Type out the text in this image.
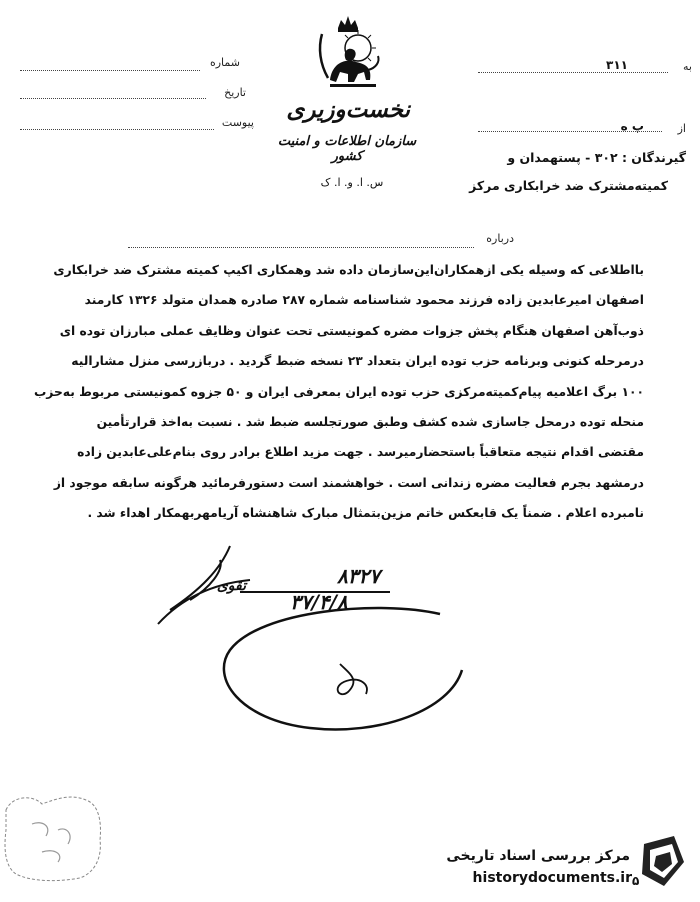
نخست‌وزیری
سازمان اطلاعات و امنیت کشور
س. ا. و. ا. ک
شماره
تاریخ
پیوست
۳۱۱	به
پ ه	از
گیرندگان : ۳۰۲ - پستهمدان و
کمیته‌مشترک ضد خرابکاری مرکز
درباره

بااطلاعی که وسیله یکی ازهمکاران‌این‌سازمان داده شد وهمکاری اکیپ کمیته مشترک ضد خرابکاری

اصفهان امیرعابدین زاده فرزند محمود شناسنامه شماره ۲۸۷ صادره همدان متولد ۱۳۲۶ کارمند

ذوب‌آهن اصفهان هنگام پخش جزوات مضره کمونیستی تحت عنوان وظایف عملی مبارزان توده ای

درمرحله کنونی وبرنامه حزب توده ایران بتعداد ۲۳ نسخه ضبط گردید . دربازرسی منزل مشارالیه

۱۰۰ برگ اعلامیه پیام‌کمیته‌مرکزی حزب توده ایران بمعرفی ایران و ۵۰ جزوه کمونیستی مربوط به‌حزب

منحله توده درمحل جاسازی شده کشف وطبق صورتجلسه ضبط شد . نسبت به‌اخذ قرارتأمین

مقتضی اقدام نتیجه متعاقباً باستحضارمیرسد . جهت مزید اطلاع برادر روی بنام‌علی‌عابدین زاده

درمشهد بجرم فعالیت مضره زندانی است . خواهشمند است دستورفرمائید هرگونه سابقه موجود از

نامبرده اعلام . ضمناً یک قابعکس خاتم مزین‌بتمثال مبارک شاهنشاه آریامهر‌بهمکار اهداء شد .

تقوی	۸۳۲۷
۳۷/۴/۸
مرکز بررسی اسناد تاریخی
historydocuments.ir ۵
